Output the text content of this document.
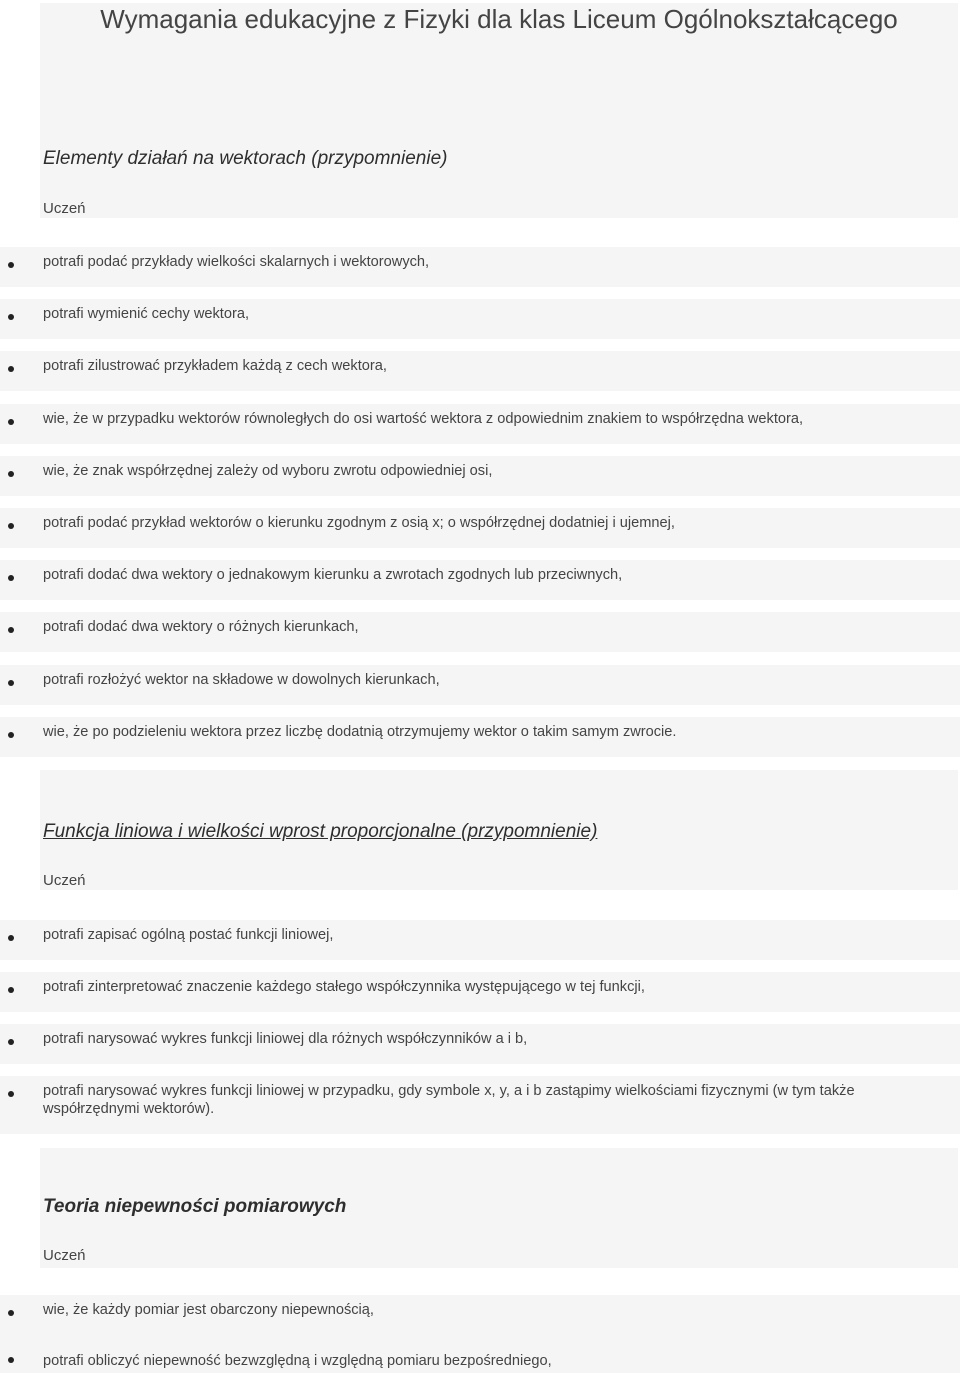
Wymagania edukacyjne z Fizyki dla klas Liceum Ogólnokształcącego
Elementy działań na wektorach (przypomnienie)
Uczeń
potrafi podać przykłady wielkości skalarnych i wektorowych,
potrafi wymienić cechy wektora,
potrafi zilustrować przykładem każdą z cech wektora,
wie, że w przypadku wektorów równoległych do osi wartość wektora z odpowiednim znakiem to współrzędna wektora,
wie, że znak współrzędnej zależy od wyboru zwrotu odpowiedniej osi,
potrafi podać przykład wektorów o kierunku zgodnym z osią x; o współrzędnej dodatniej i ujemnej,
potrafi dodać dwa wektory o jednakowym kierunku a zwrotach zgodnych lub przeciwnych,
potrafi dodać dwa wektory o różnych kierunkach,
potrafi rozłożyć wektor na składowe w dowolnych kierunkach,
wie, że po podzieleniu wektora przez liczbę dodatnią otrzymujemy wektor o takim samym zwrocie.
Funkcja liniowa i wielkości wprost proporcjonalne (przypomnienie)
Uczeń
potrafi zapisać ogólną postać funkcji liniowej,
potrafi zinterpretować znaczenie każdego stałego współczynnika występującego w tej funkcji,
potrafi narysować wykres funkcji liniowej dla różnych współczynników a i b,
potrafi narysować wykres funkcji liniowej w przypadku, gdy symbole x, y, a i b zastąpimy wielkościami fizycznymi (w tym także współrzędnymi wektorów).
Teoria niepewności pomiarowych
Uczeń
wie, że każdy pomiar jest obarczony niepewnością,
potrafi obliczyć niepewność bezwzględną i względną pomiaru bezpośredniego,
